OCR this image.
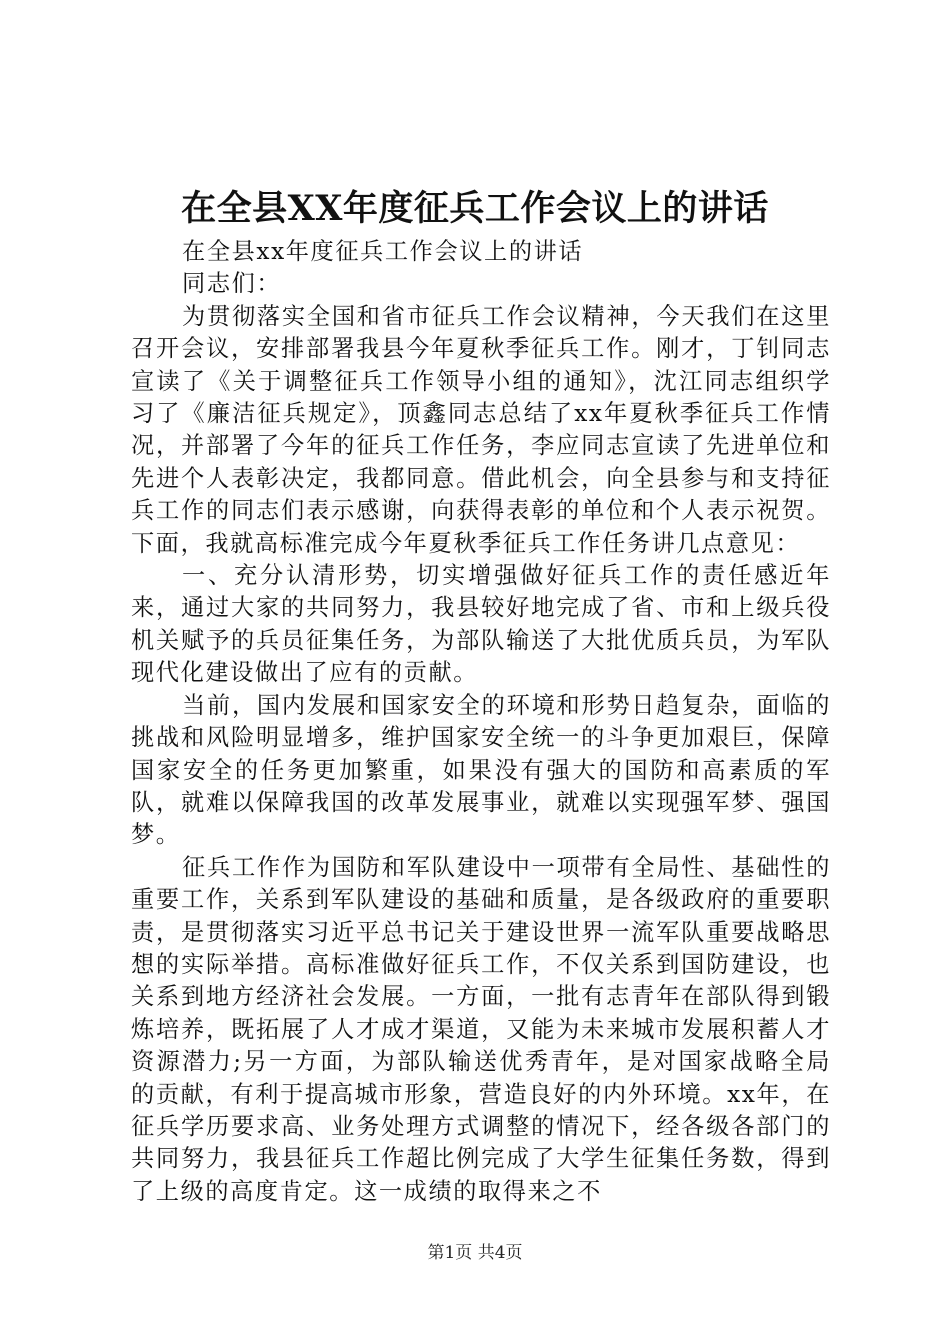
在全县XX年度征兵工作会议上的讲话

在全县xx年度征兵工作会议上的讲话

同志们：

为贯彻落实全国和省市征兵工作会议精神，今天我们在这里召开会议，安排部署我县今年夏秋季征兵工作。刚才，丁钊同志宣读了《关于调整征兵工作领导小组的通知》，沈江同志组织学习了《廉洁征兵规定》，顶鑫同志总结了xx年夏秋季征兵工作情况，并部署了今年的征兵工作任务，李应同志宣读了先进单位和先进个人表彰决定，我都同意。借此机会，向全县参与和支持征兵工作的同志们表示感谢，向获得表彰的单位和个人表示祝贺。下面，我就高标准完成今年夏秋季征兵工作任务讲几点意见：

一、充分认清形势，切实增强做好征兵工作的责任感近年来，通过大家的共同努力，我县较好地完成了省、市和上级兵役机关赋予的兵员征集任务，为部队输送了大批优质兵员，为军队现代化建设做出了应有的贡献。

当前，国内发展和国家安全的环境和形势日趋复杂，面临的挑战和风险明显增多，维护国家安全统一的斗争更加艰巨，保障国家安全的任务更加繁重，如果没有强大的国防和高素质的军队，就难以保障我国的改革发展事业，就难以实现强军梦、强国梦。

征兵工作作为国防和军队建设中一项带有全局性、基础性的重要工作，关系到军队建设的基础和质量，是各级政府的重要职责，是贯彻落实习近平总书记关于建设世界一流军队重要战略思想的实际举措。高标准做好征兵工作，不仅关系到国防建设，也关系到地方经济社会发展。一方面，一批有志青年在部队得到锻炼培养，既拓展了人才成才渠道，又能为未来城市发展积蓄人才资源潜力;另一方面，为部队输送优秀青年，是对国家战略全局的贡献，有利于提高城市形象，营造良好的内外环境。xx年，在征兵学历要求高、业务处理方式调整的情况下，经各级各部门的共同努力，我县征兵工作超比例完成了大学生征集任务数，得到了上级的高度肯定。这一成绩的取得来之不

第1页 共4页
